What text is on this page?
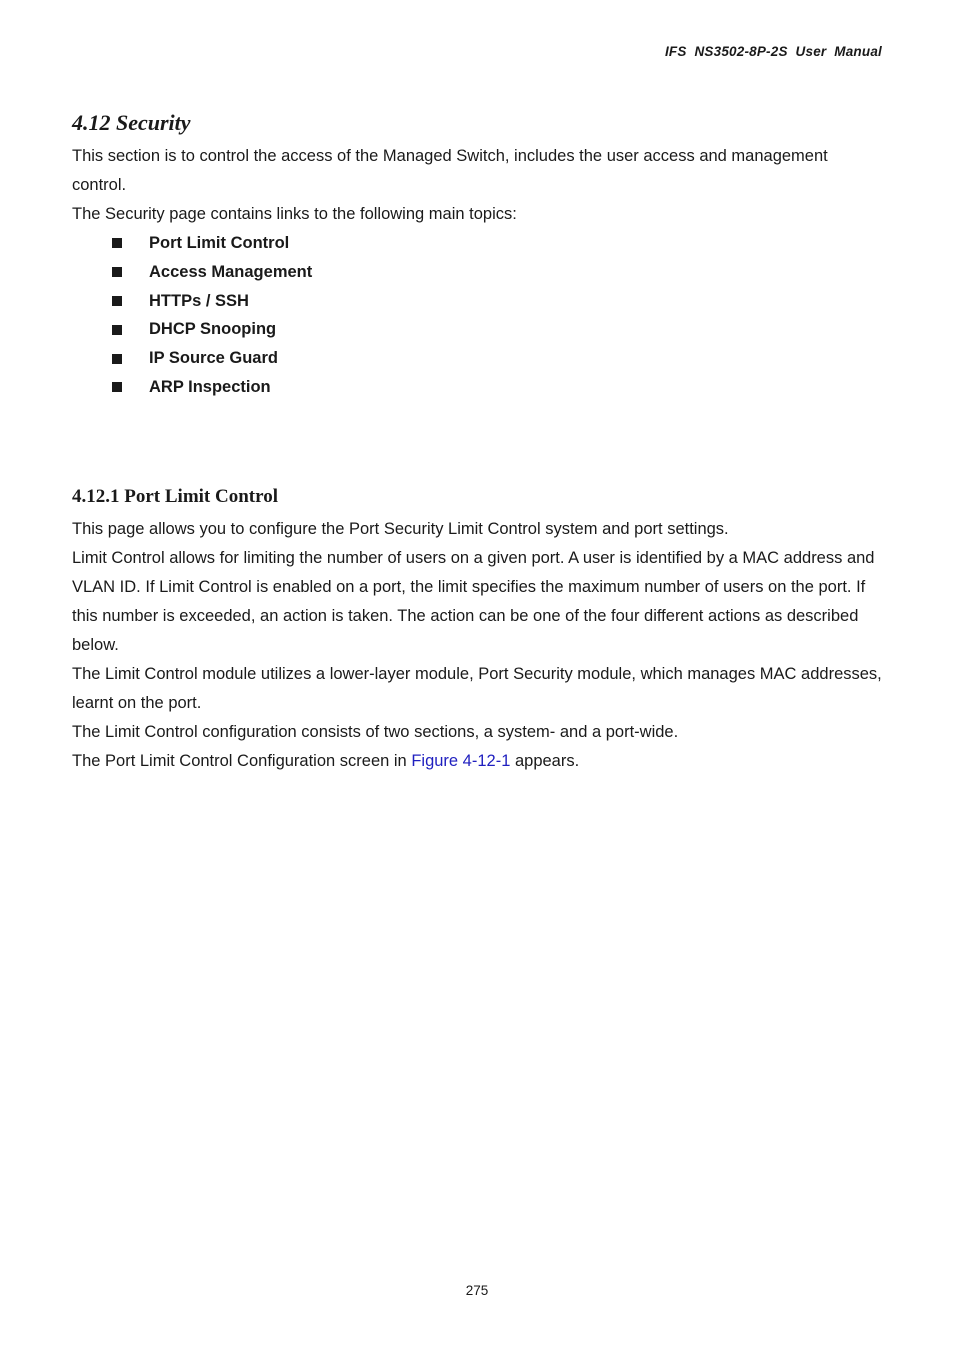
IFS  NS3502-8P-2S  User  Manual
4.12 Security

This section is to control the access of the Managed Switch, includes the user access and management control.

The Security page contains links to the following main topics:

Port Limit Control
Access Management
HTTPs / SSH
DHCP Snooping
IP Source Guard
ARP Inspection
4.12.1 Port Limit Control

This page allows you to configure the Port Security Limit Control system and port settings.

Limit Control allows for limiting the number of users on a given port. A user is identified by a MAC address and VLAN ID. If Limit Control is enabled on a port, the limit specifies the maximum number of users on the port. If this number is exceeded, an action is taken. The action can be one of the four different actions as described below.

The Limit Control module utilizes a lower-layer module, Port Security module, which manages MAC addresses, learnt on the port.

The Limit Control configuration consists of two sections, a system- and a port-wide.

The Port Limit Control Configuration screen in Figure 4-12-1 appears.

275
